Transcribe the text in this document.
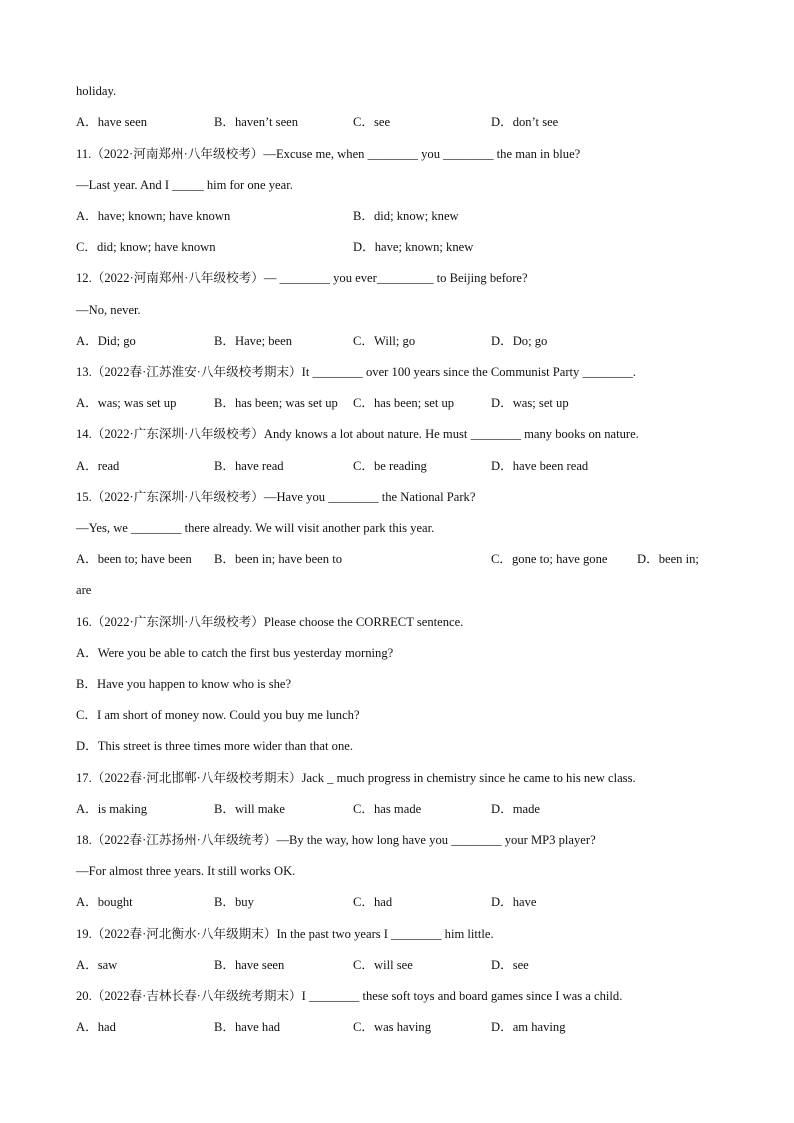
holiday.
A．have seen	B．haven’t seen	C．see	D．don’t see
11.（2022·河南郑州·八年级校考）—Excuse me, when ________ you ________ the man in blue?
—Last year. And I _____ him for one year.
A．have; known; have known	B．did; know; knew
C．did; know; have known	D．have; known; knew
12.（2022·河南郑州·八年级校考）— ________ you ever_________ to Beijing before?
—No, never.
A．Did; go	B．Have; been	C．Will; go	D．Do; go
13.（2022春·江苏淮安·八年级校考期末）It ________ over 100 years since the Communist Party ________.
A．was; was set up	B．has been; was set up C．has been; set up	D．was; set up
14.（2022·广东深圳·八年级校考）Andy knows a lot about nature. He must ________ many books on nature.
A．read	B．have read	C．be reading	D．have been read
15.（2022·广东深圳·八年级校考）—Have you ________ the National Park?
—Yes, we ________ there already. We will visit another park this year.
A．been to; have been B．been in; have been to	C．gone to; have gone D．been in;
are
16.（2022·广东深圳·八年级校考）Please choose the CORRECT sentence.
A．Were you be able to catch the first bus yesterday morning?
B．Have you happen to know who is she?
C．I am short of money now. Could you buy me lunch?
D．This street is three times more wider than that one.
17.（2022春·河北邯郸·八年级校考期末）Jack _ much progress in chemistry since he came to his new class.
A．is making	B．will make	C．has made	D．made
18.（2022春·江苏扬州·八年级统考）—By the way, how long have you ________ your MP3 player?
—For almost three years. It still works OK.
A．bought	B．buy	C．had	D．have
19.（2022春·河北衡水·八年级期末）In the past two years I ________ him little.
A．saw	B．have seen	C．will see	D．see
20.（2022春·吉林长春·八年级统考期末）I ________ these soft toys and board games since I was a child.
A．had	B．have had	C．was having	D．am having
